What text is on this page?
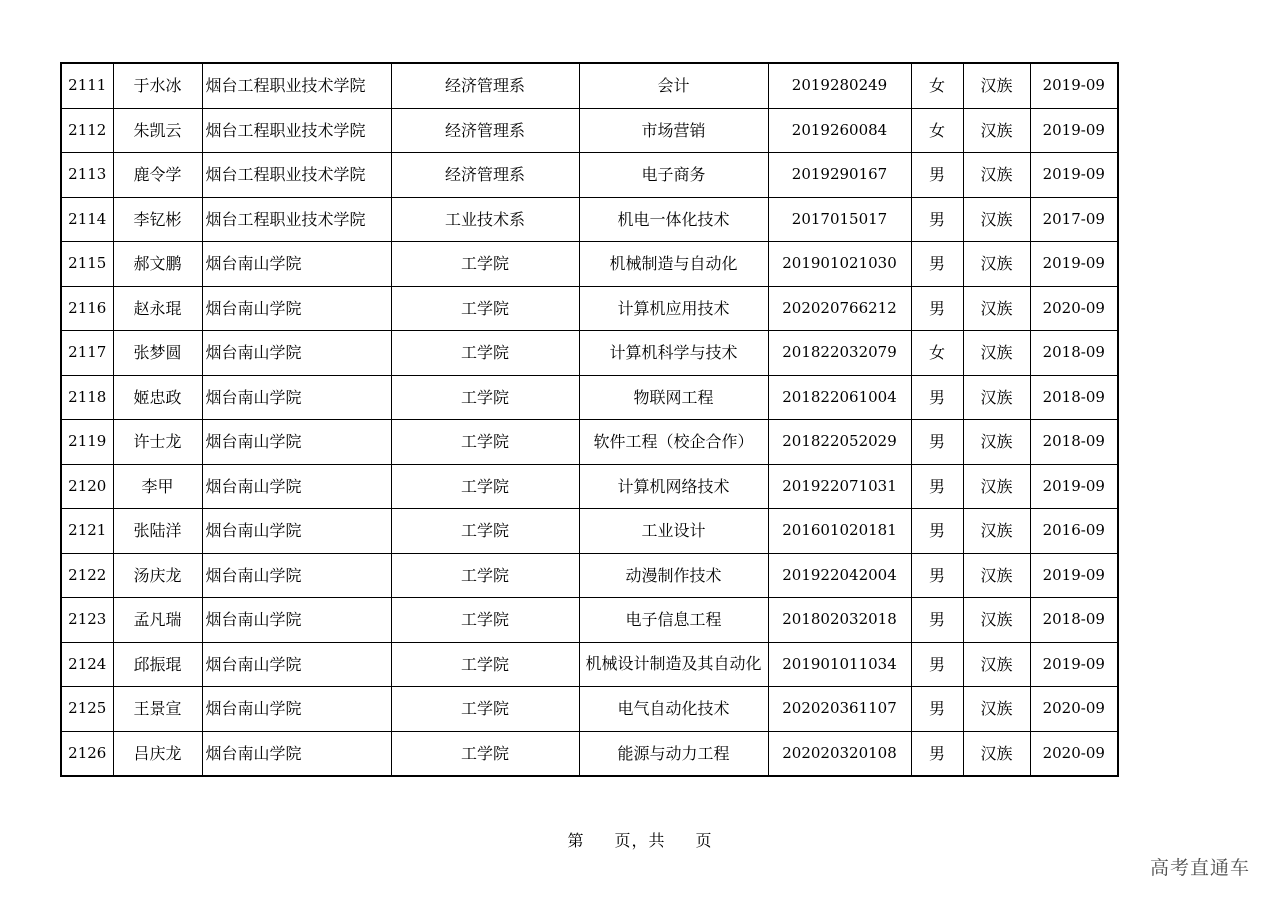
2111	于水冰	烟台工程职业技术学院	经济管理系	会计	2019280249	女	汉族	2019-09
2112	朱凯云	烟台工程职业技术学院	经济管理系	市场营销	2019260084	女	汉族	2019-09
2113	鹿令学	烟台工程职业技术学院	经济管理系	电子商务	2019290167	男	汉族	2019-09
2114	李钇彬	烟台工程职业技术学院	工业技术系	机电一体化技术	2017015017	男	汉族	2017-09
2115	郝文鹏	烟台南山学院	工学院	机械制造与自动化	201901021030	男	汉族	2019-09
2116	赵永琨	烟台南山学院	工学院	计算机应用技术	202020766212	男	汉族	2020-09
2117	张梦圆	烟台南山学院	工学院	计算机科学与技术	201822032079	女	汉族	2018-09
2118	姬忠政	烟台南山学院	工学院	物联网工程	201822061004	男	汉族	2018-09
2119	许士龙	烟台南山学院	工学院	软件工程（校企合作）	201822052029	男	汉族	2018-09
2120	李甲	烟台南山学院	工学院	计算机网络技术	201922071031	男	汉族	2019-09
2121	张陆洋	烟台南山学院	工学院	工业设计	201601020181	男	汉族	2016-09
2122	汤庆龙	烟台南山学院	工学院	动漫制作技术	201922042004	男	汉族	2019-09
2123	孟凡瑞	烟台南山学院	工学院	电子信息工程	201802032018	男	汉族	2018-09
2124	邱振琨	烟台南山学院	工学院	机械设计制造及其自动化	201901011034	男	汉族	2019-09
2125	王景宣	烟台南山学院	工学院	电气自动化技术	202020361107	男	汉族	2020-09
2126	吕庆龙	烟台南山学院	工学院	能源与动力工程	202020320108	男	汉族	2020-09
第 页，共 页
高考直通车
